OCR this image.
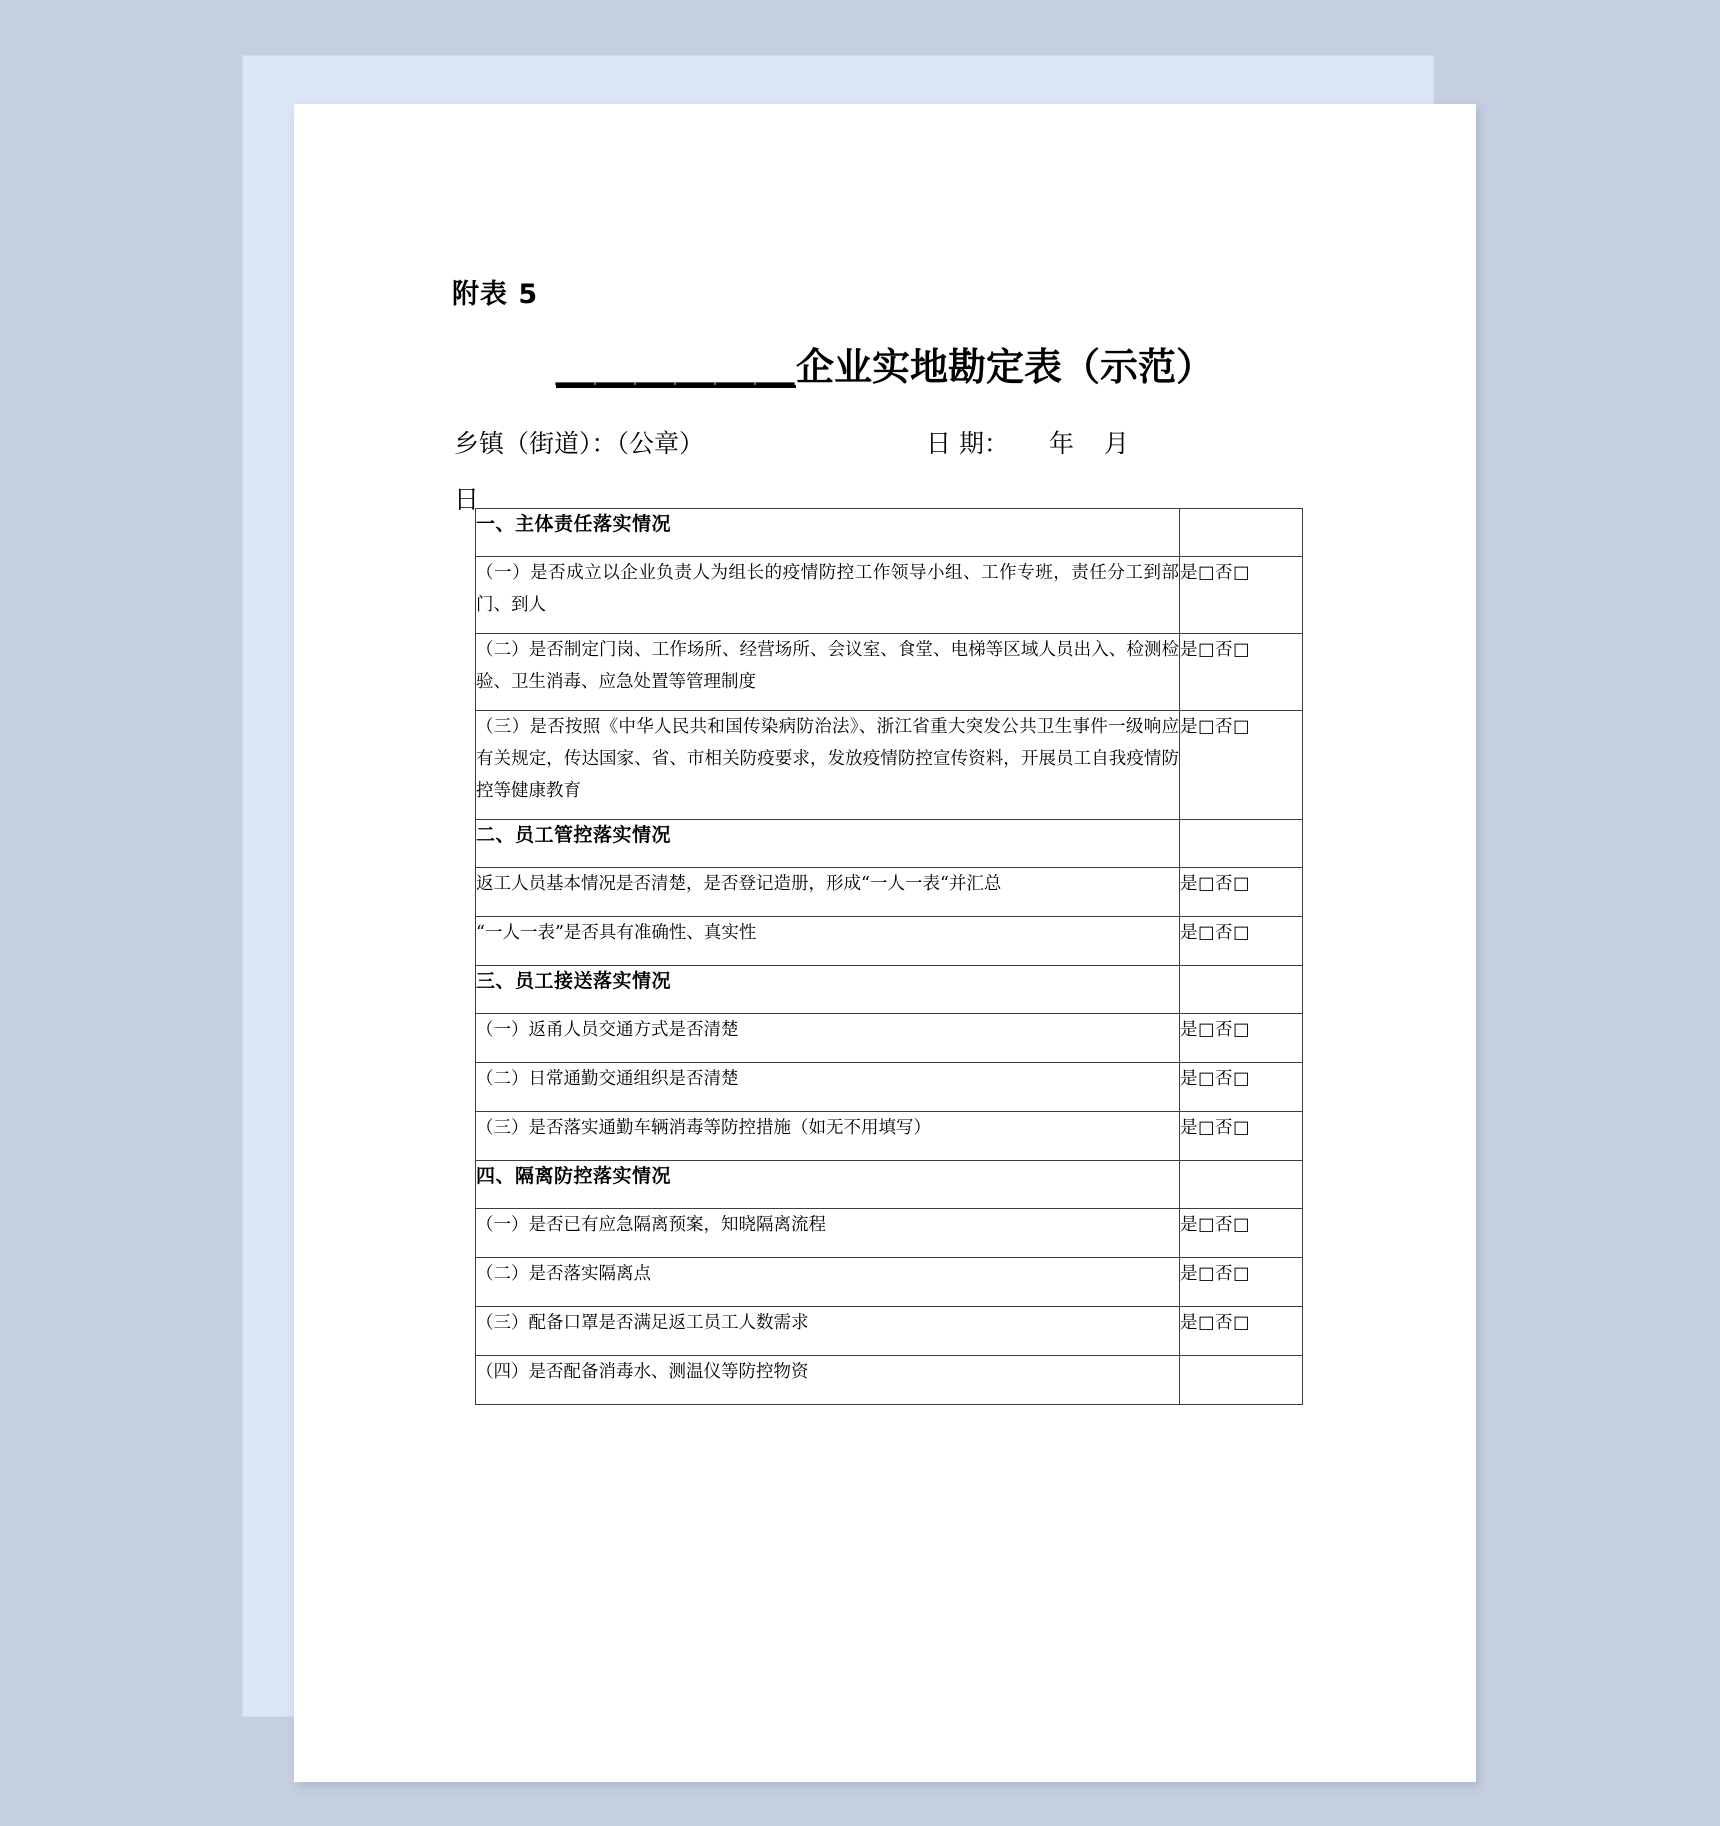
附表 5
＿＿＿＿＿＿企业实地勘定表（示范）
乡镇（街道）：（公章）	日 期： 年 月
日
一、主体责任落实情况	
（一）是否成立以企业负责人为组长的疫情防控工作领导小组、工作专班，责任分工到部门、到人	是□否□
（二）是否制定门岗、工作场所、经营场所、会议室、食堂、电梯等区域人员出入、检测检验、卫生消毒、应急处置等管理制度	是□否□
（三）是否按照《中华人民共和国传染病防治法》、浙江省重大突发公共卫生事件一级响应有关规定，传达国家、省、市相关防疫要求，发放疫情防控宣传资料，开展员工自我疫情防控等健康教育	是□否□
二、员工管控落实情况	
返工人员基本情况是否清楚，是否登记造册，形成“一人一表“并汇总	是□否□
“一人一表”是否具有准确性、真实性	是□否□
三、员工接送落实情况	
（一）返甬人员交通方式是否清楚	是□否□
（二）日常通勤交通组织是否清楚	是□否□
（三）是否落实通勤车辆消毒等防控措施（如无不用填写）	是□否□
四、隔离防控落实情况	
（一）是否已有应急隔离预案，知晓隔离流程	是□否□
（二）是否落实隔离点	是□否□
（三）配备口罩是否满足返工员工人数需求	是□否□
（四）是否配备消毒水、测温仪等防控物资	
